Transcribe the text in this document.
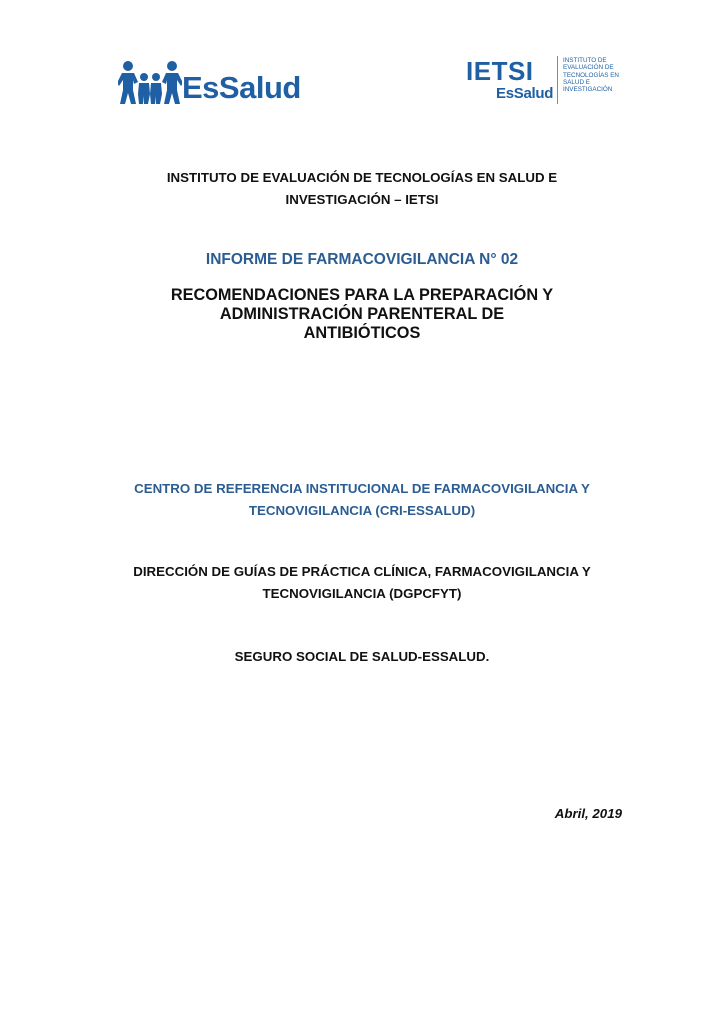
EsSalud	IETSI
EsSalud
INSTITUTO DE
EVALUACIÓN DE
TECNOLOGÍAS EN
SALUD E
INVESTIGACIÓN
INSTITUTO DE EVALUACIÓN DE TECNOLOGÍAS EN SALUD E
INVESTIGACIÓN – IETSI
INFORME DE FARMACOVIGILANCIA N° 02
RECOMENDACIONES PARA LA PREPARACIÓN Y
ADMINISTRACIÓN PARENTERAL DE
ANTIBIÓTICOS
CENTRO DE REFERENCIA INSTITUCIONAL DE FARMACOVIGILANCIA Y
TECNOVIGILANCIA (CRI-ESSALUD)
DIRECCIÓN DE GUÍAS DE PRÁCTICA CLÍNICA, FARMACOVIGILANCIA Y
TECNOVIGILANCIA (DGPCFYT)
SEGURO SOCIAL DE SALUD-ESSALUD.
Abril, 2019
